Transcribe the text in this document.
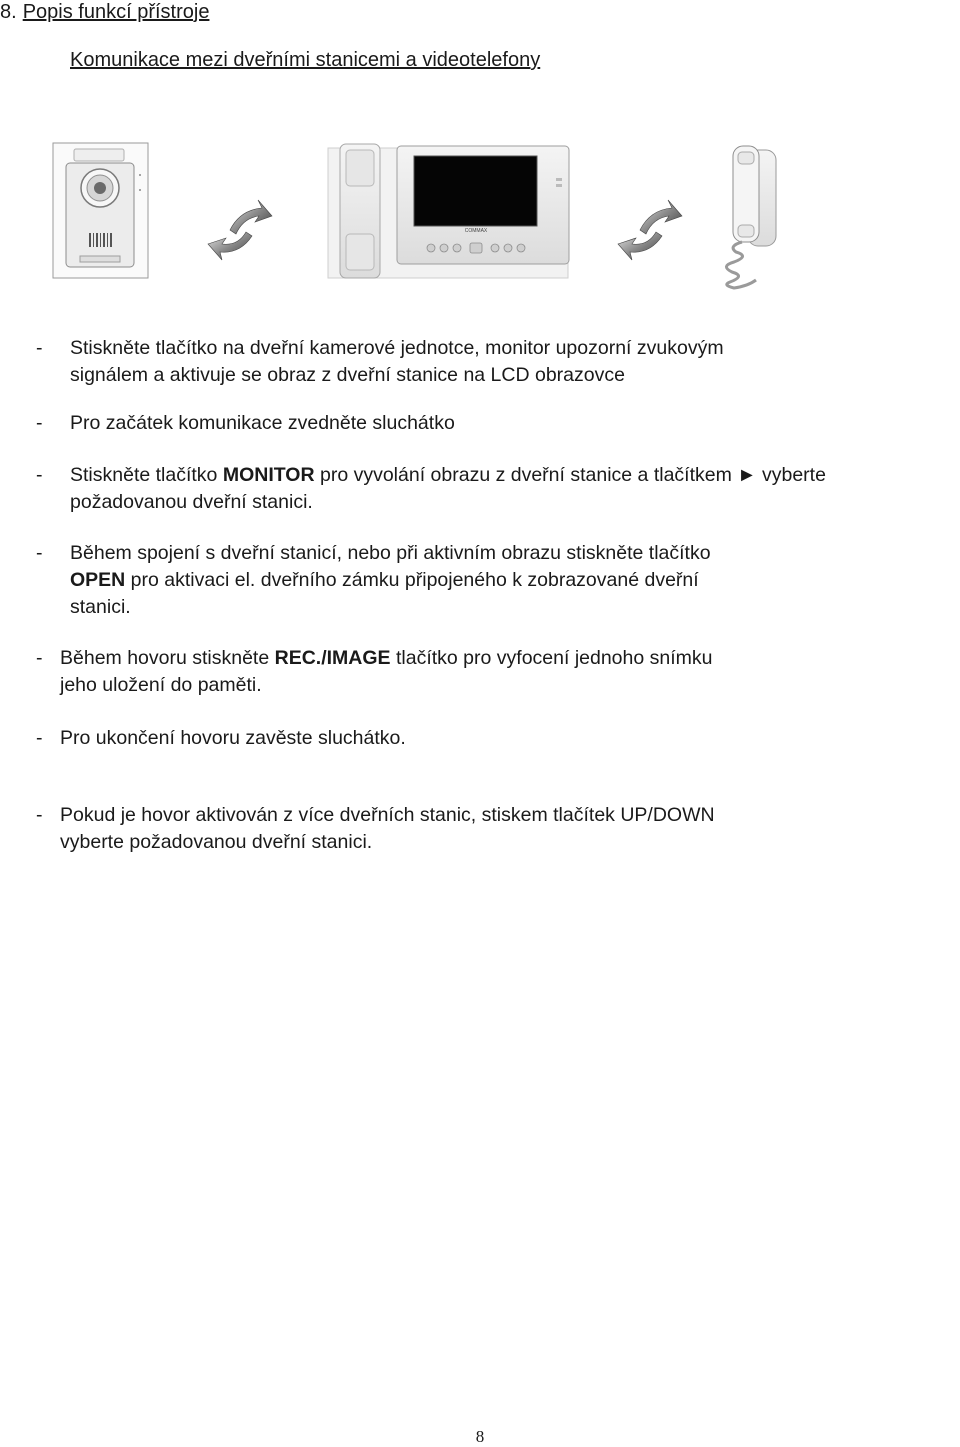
8. Popis funkcí přístroje
Komunikace mezi dveřními stanicemi a videotelefony
COMMAX
- Stiskněte tlačítko na dveřní kamerové jednotce, monitor upozorní zvukovým
signálem a aktivuje se obraz z dveřní stanice na LCD obrazovce
- Pro začátek komunikace zvedněte sluchátko
- Stiskněte tlačítko MONITOR pro vyvolání obrazu z dveřní stanice a tlačítkem ► vyberte
požadovanou dveřní stanici.
- Během spojení s dveřní stanicí, nebo při aktivním obrazu stiskněte tlačítko
OPEN pro aktivaci el. dveřního zámku připojeného k zobrazované dveřní
stanici.
- Během hovoru stiskněte REC./IMAGE tlačítko pro vyfocení jednoho snímku
jeho uložení do paměti.
- Pro ukončení hovoru zavěste sluchátko.
- Pokud je hovor aktivován z více dveřních stanic, stiskem tlačítek UP/DOWN
vyberte požadovanou dveřní stanici.
8
